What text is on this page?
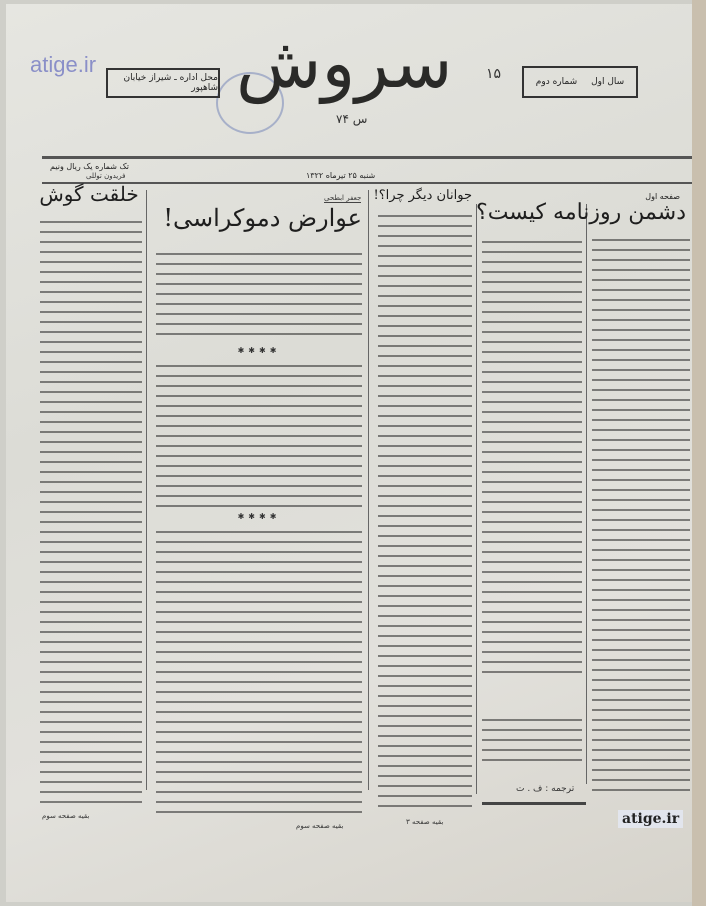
atige.ir
محل اداره ـ شیراز خیابان شاهپور سروش ۱۵
س ۷۴
سال اول
شماره دوم
تک شماره یک ریال ونیم
شنبه ۲۵ تیرماه ۱۳۲۲
صفحه اول
دشمن روزنامه کیست؟
ترجمه : ف . ت
جوانان دیگر چرا؟!
بقیه صفحه ۳
جعفر ابطحی
عوارض دموکراسی!
✱✱✱✱
✱✱✱✱
بقیه صفحه سوم
فریدون توللی
خلقت گوش
بقیه صفحه سوم	atige.ir
